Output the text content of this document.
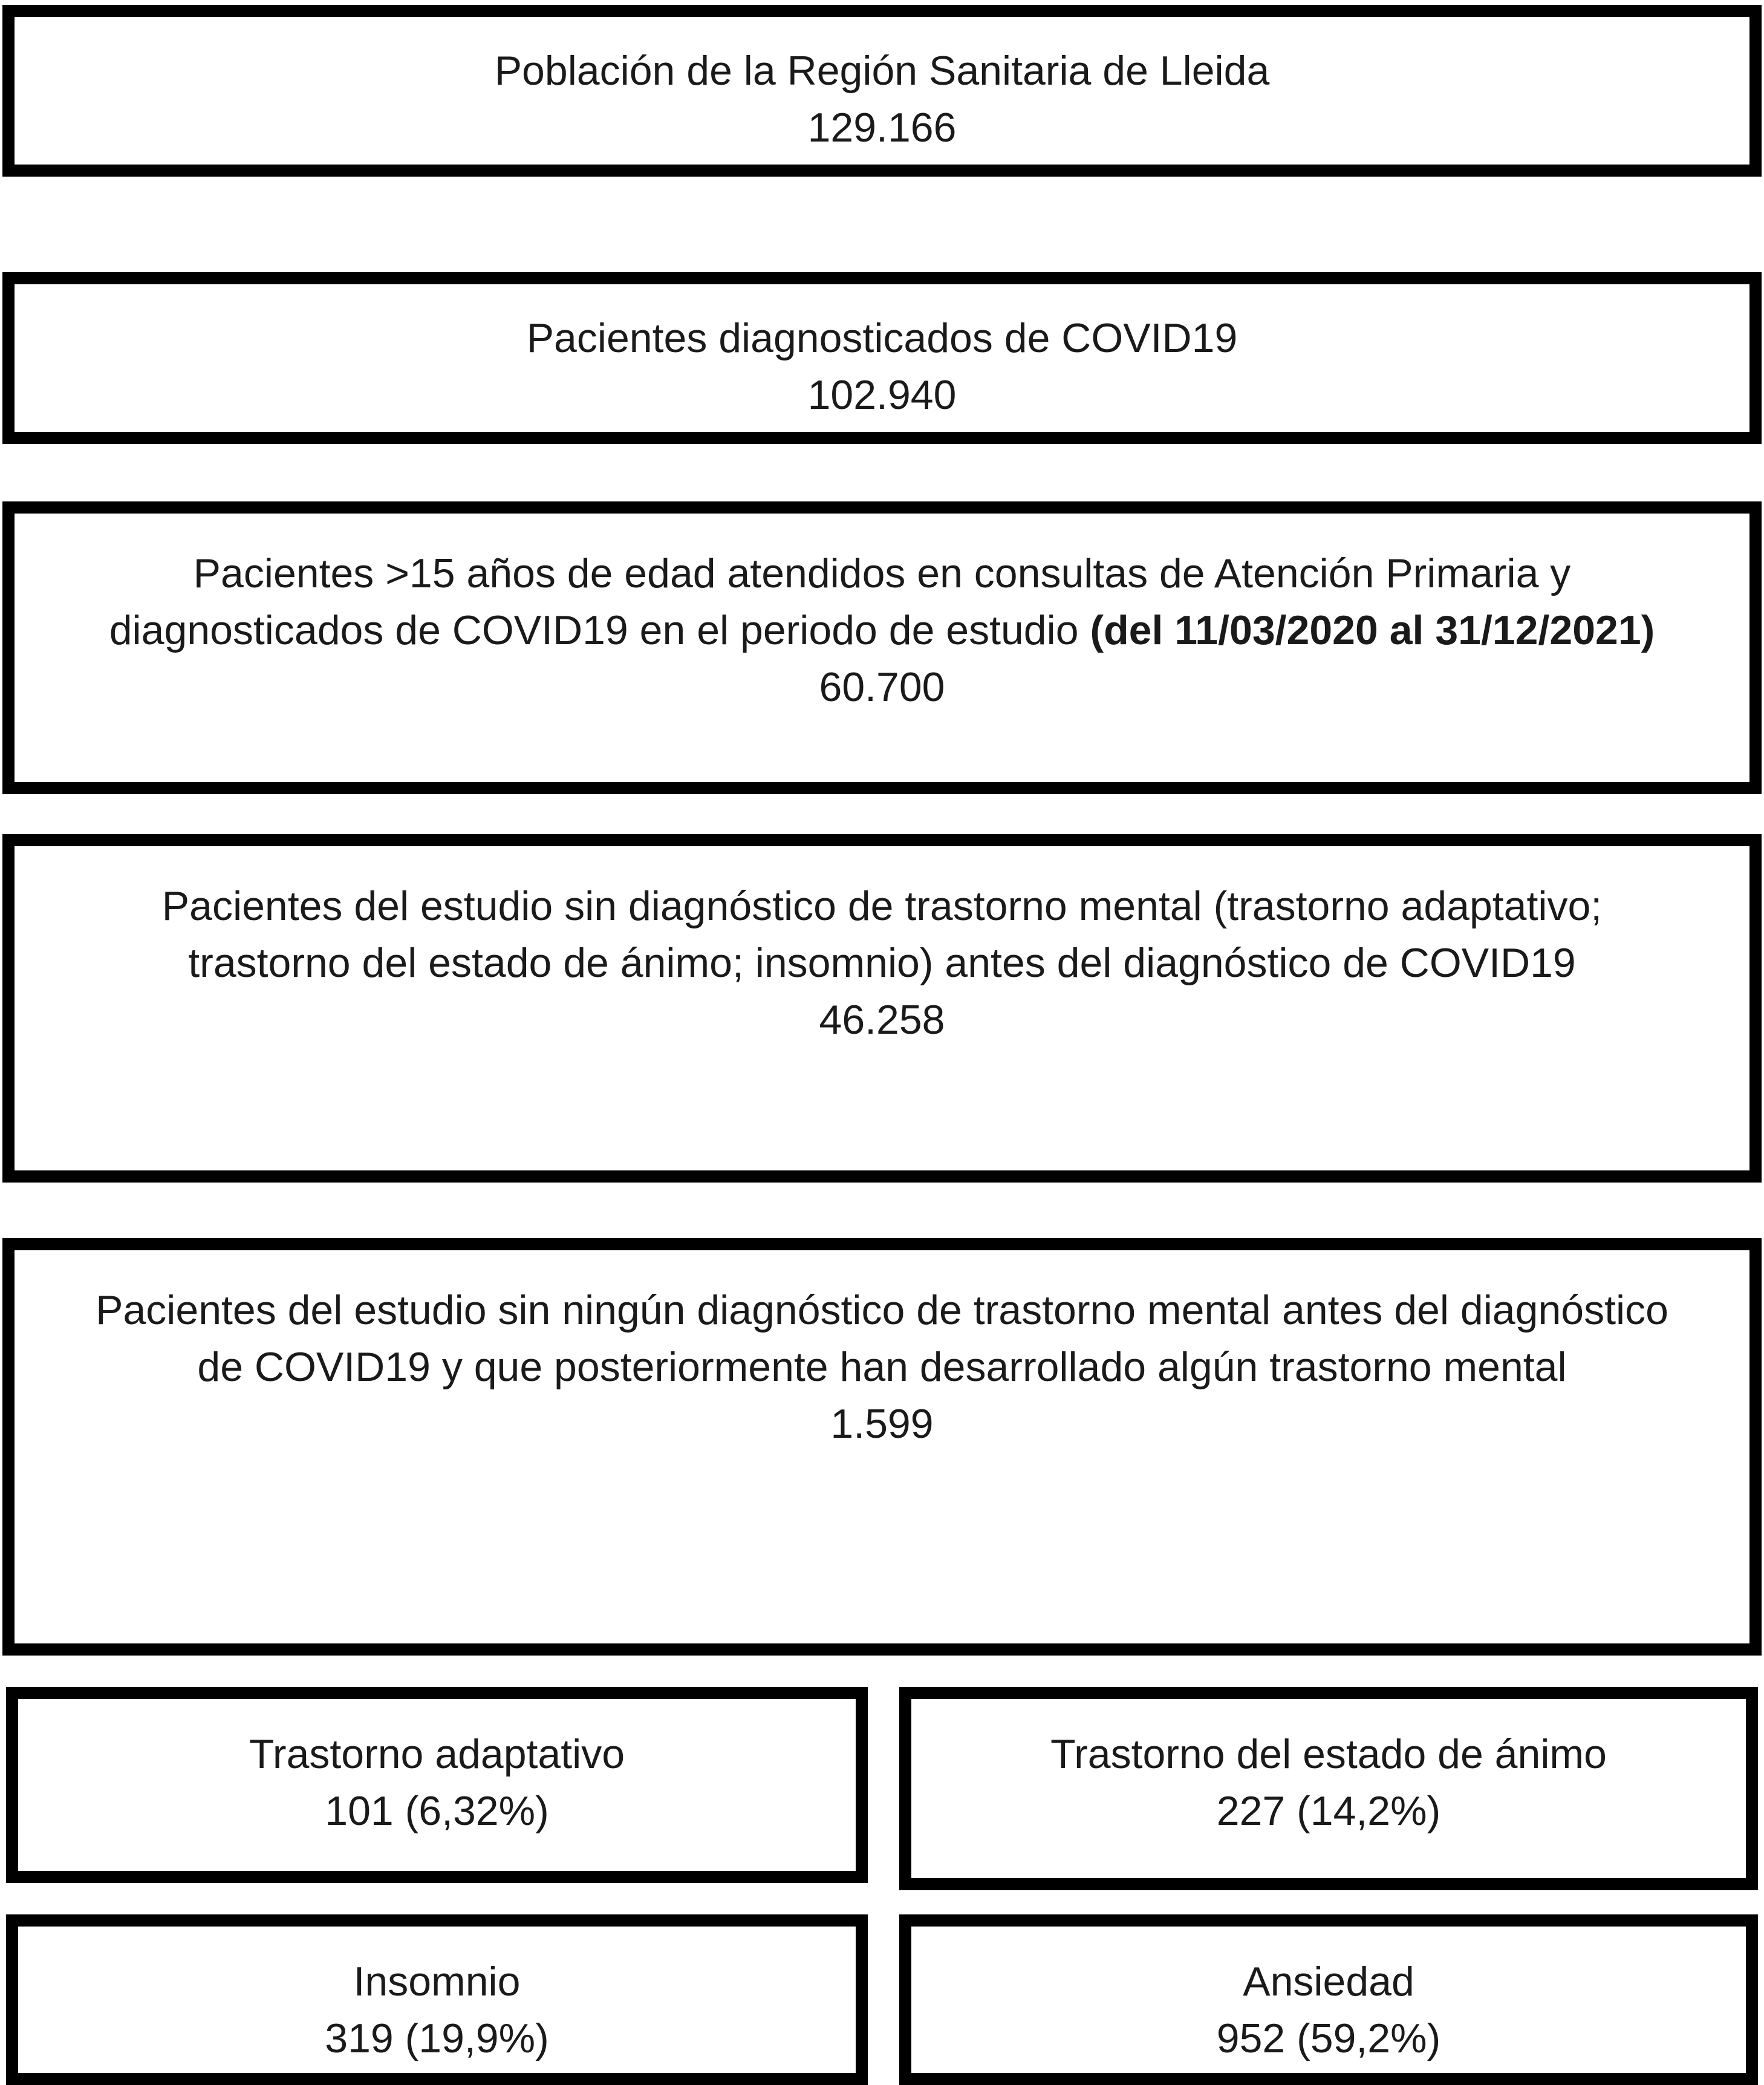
Población de la Región Sanitaria de Lleida
129.166
Pacientes diagnosticados de COVID19
102.940
Pacientes >15 años de edad atendidos en consultas de Atención Primaria y
diagnosticados de COVID19 en el periodo de estudio (del 11/03/2020 al 31/12/2021)
60.700
Pacientes del estudio sin diagnóstico de trastorno mental (trastorno adaptativo;
trastorno del estado de ánimo; insomnio) antes del diagnóstico de COVID19
46.258
Pacientes del estudio sin ningún diagnóstico de trastorno mental antes del diagnóstico
de COVID19 y que posteriormente han desarrollado algún trastorno mental
1.599
Trastorno adaptativo
101 (6,32%)
Trastorno del estado de ánimo
227 (14,2%)
Insomnio
319 (19,9%)
Ansiedad
952 (59,2%)
